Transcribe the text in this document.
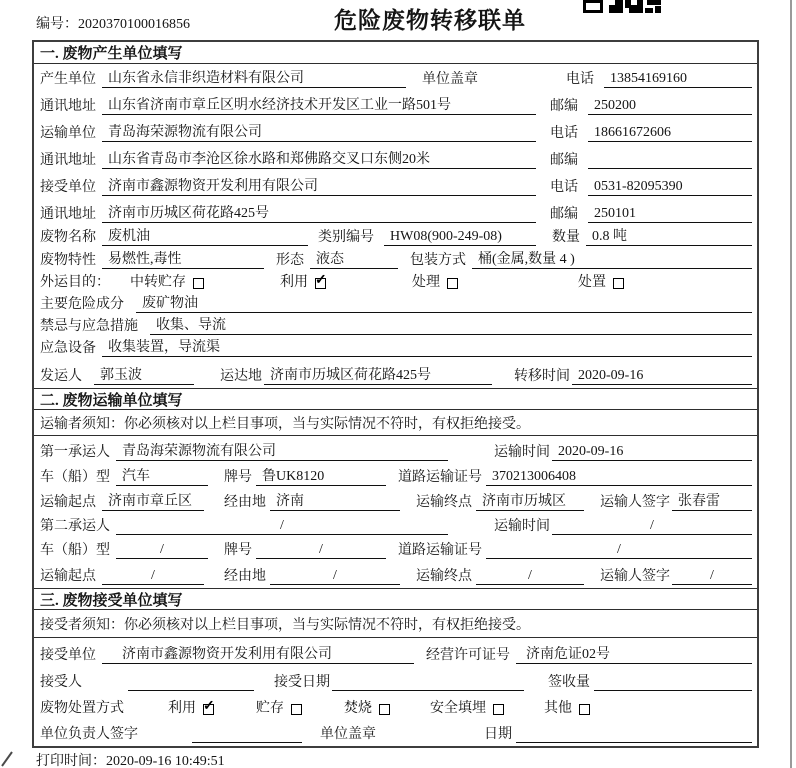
编号：2020370100016856	危险废物转移联单
一. 废物产生单位填写
产生单位 山东省永信非织造材料有限公司	单位盖章	电话	13854169160
通讯地址 山东省济南市章丘区明水经济技术开发区工业一路501号	邮编	250200
运输单位 青岛海荣源物流有限公司	电话	18661672606
通讯地址 山东省青岛市李沧区徐水路和郑佛路交叉口东侧20米	邮编
接受单位 济南市鑫源物资开发利用有限公司	电话	0531-82095390
通讯地址 济南市历城区荷花路425号	邮编	250101
废物名称 废机油	类别编号	HW08(900-249-08)	数量 0.8 吨
废物特性 易燃性,毒性	形态 液态	包装方式 桶(金属,数量 4 )
外运目的：	中转贮存	利用 ✓	处理	处置
主要危险成分	废矿物油
禁忌与应急措施	收集、导流
应急设备 收集装置，导流渠
发运人	郭玉波	运达地 济南市历城区荷花路425号	转移时间 2020-09-16
二. 废物运输单位填写
运输者须知：你必须核对以上栏目事项，当与实际情况不符时，有权拒绝接受。
第一承运人 青岛海荣源物流有限公司	运输时间 2020-09-16
车（船）型 汽车	牌号 鲁UK8120	道路运输证号 370213006408
运输起点 济南市章丘区	经由地 济南	运输终点 济南市历城区	运输人签字 张春雷
第二承运人	/	运输时间	/
车（船）型	/	牌号	/	道路运输证号	/
运输起点	/	经由地	/	运输终点	/	运输人签字	/
三. 废物接受单位填写
接受者须知：你必须核对以上栏目事项，当与实际情况不符时，有权拒绝接受。
接受单位	济南市鑫源物资开发利用有限公司	经营许可证号	济南危证02号
接受人	接受日期	签收量
废物处置方式	利用 ✓	贮存	焚烧	安全填埋	其他
单位负责人签字	单位盖章	日期
打印时间：2020-09-16 10:49:51
